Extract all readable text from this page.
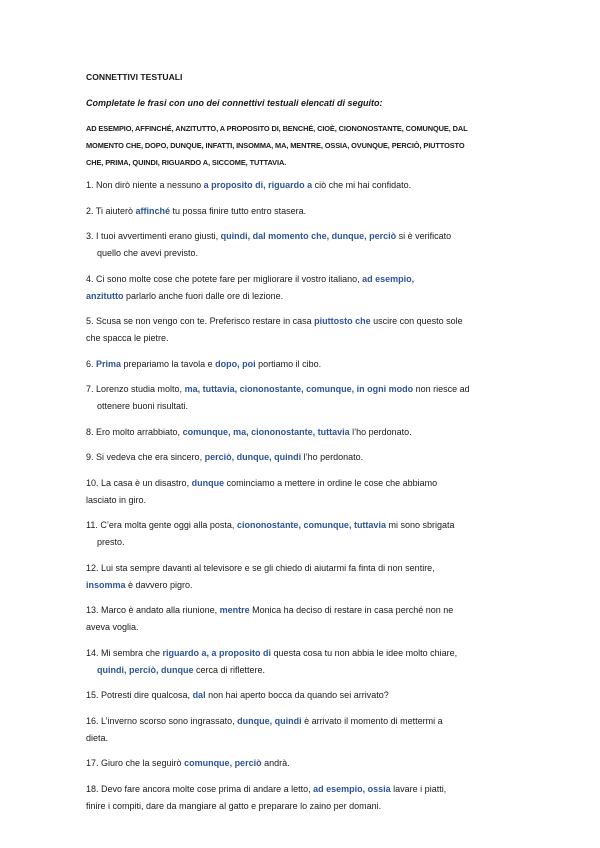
CONNETTIVI TESTUALI
Completate le frasi con uno dei connettivi testuali elencati di seguito:
AD ESEMPIO, AFFINCHÉ, ANZITUTTO, A PROPOSITO DI, BENCHÉ, CIOÈ, CIONONOSTANTE, COMUNQUE, DAL
MOMENTO CHE, DOPO, DUNQUE, INFATTI, INSOMMA, MA, MENTRE, OSSIA, OVUNQUE, PERCIÒ, PIUTTOSTO
CHE, PRIMA, QUINDI, RIGUARDO A, SICCOME, TUTTAVIA.
1. Non dirò niente a nessuno a proposito di, riguardo a ciò che mi hai confidato.
2. Ti aiuterò affinché tu possa finire tutto entro stasera.
3. I tuoi avvertimenti erano giusti, quindi, dal momento che, dunque, perciò si è verificato
quello che avevi previsto.
4. Ci sono molte cose che potete fare per migliorare il vostro italiano, ad esempio,
anzitutto parlarlo anche fuori dalle ore di lezione.
5. Scusa se non vengo con te. Preferisco restare in casa piuttosto che uscire con questo sole
che spacca le pietre.
6. Prima prepariamo la tavola e dopo, poi portiamo il cibo.
7. Lorenzo studia molto, ma, tuttavia, ciononostante, comunque, in ogni modo non riesce ad
ottenere buoni risultati.
8. Ero molto arrabbiato, comunque, ma, ciononostante, tuttavia l’ho perdonato.
9. Si vedeva che era sincero, perciò, dunque, quindi l’ho perdonato.
10. La casa è un disastro, dunque cominciamo a mettere in ordine le cose che abbiamo
lasciato in giro.
11. C’era molta gente oggi alla posta, ciononostante, comunque, tuttavia mi sono sbrigata
presto.
12. Lui sta sempre davanti al televisore e se gli chiedo di aiutarmi fa finta di non sentire,
insomma è davvero pigro.
13. Marco è andato alla riunione, mentre Monica ha deciso di restare in casa perché non ne
aveva voglia.
14. Mi sembra che riguardo a, a proposito di questa cosa tu non abbia le idee molto chiare,
quindi, perciò, dunque cerca di riflettere.
15. Potresti dire qualcosa, dal non hai aperto bocca da quando sei arrivato?
16. L’inverno scorso sono ingrassato, dunque, quindi è arrivato il momento di mettermi a
dieta.
17. Giuro che la seguirò comunque, perciò andrà.
18. Devo fare ancora molte cose prima di andare a letto, ad esempio, ossia lavare i piatti,
finire i compiti, dare da mangiare al gatto e preparare lo zaino per domani.
